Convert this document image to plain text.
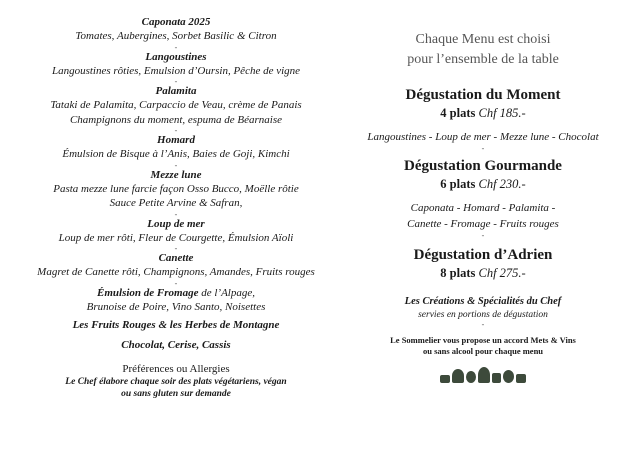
Caponata 2025
Tomates, Aubergines, Sorbet Basilic & Citron
-
Langoustines
Langoustines rôties, Emulsion d’Oursin, Pêche de vigne
-
Palamita
Tataki de Palamita, Carpaccio de Veau, crème de Panais
Champignons du moment, espuma de Béarnaise
-
Homard
Émulsion de Bisque à l’Anis, Baies de Goji, Kimchi
-
Mezze lune
Pasta mezze lune farcie façon Osso Bucco, Moëlle rôtie
Sauce Petite Arvine & Safran,
-
Loup de mer
Loup de mer rôti, Fleur de Courgette, Émulsion Aïoli
-
Canette
Magret de Canette rôti, Champignons, Amandes, Fruits rouges
-
Émulsion de Fromage de l’Alpage,
Brunoise de Poire, Vino Santo, Noisettes
Les Fruits Rouges & les Herbes de Montagne
Chocolat, Cerise, Cassis
Préférences ou Allergies
Le Chef élabore chaque soir des plats végétariens, végan
ou sans gluten sur demande
Chaque Menu est choisi
pour l’ensemble de la table
Dégustation du Moment
4 plats Chf 185.-
Langoustines - Loup de mer - Mezze lune - Chocolat
-
Dégustation Gourmande
6 plats Chf 230.-
Caponata - Homard - Palamita -
Canette - Fromage - Fruits rouges
-
Dégustation d’Adrien
8 plats Chf 275.-
Les Créations & Spécialités du Chef
servies en portions de dégustation
-
Le Sommelier vous propose un accord Mets & Vins
ou sans alcool pour chaque menu
